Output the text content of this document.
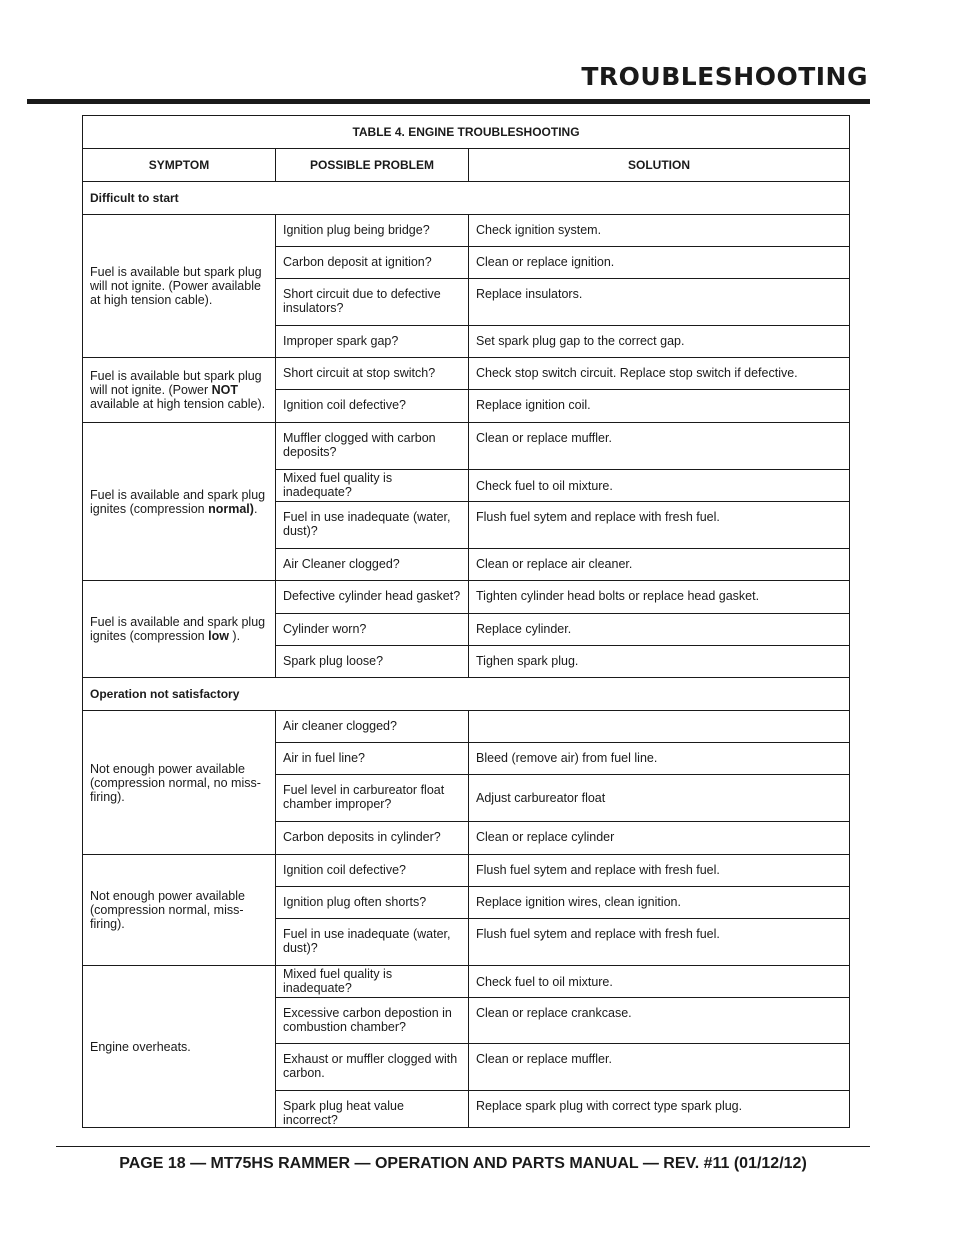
TROUBLESHOOTING
TABLE 4. ENGINE TROUBLESHOOTING		
SYMPTOM	POSSIBLE PROBLEM	SOLUTION
Difficult to start		
Fuel is available but spark plug will not ignite. (Power available at high tension cable).	Ignition plug being bridge?	Check ignition system.
	Carbon deposit at ignition?	Clean or replace ignition.
	Short circuit due to defective insulators?	Replace insulators.
	Improper spark gap?	Set spark plug gap to the correct gap.
Fuel is available but spark plug will not ignite. (Power NOT available at high tension cable).	Short circuit at stop switch?	Check stop switch circuit. Replace stop switch if defective.
	Ignition coil defective?	Replace ignition coil.
Fuel is available and spark plug ignites (compression normal).	Muffler clogged with carbon deposits?	Clean or replace muffler.
	Mixed fuel quality is inadequate?	Check fuel to oil mixture.
	Fuel in use inadequate (water, dust)?	Flush fuel sytem and replace with fresh fuel.
	Air Cleaner clogged?	Clean or replace air cleaner.
Fuel is available and spark plug ignites (compression low ).	Defective cylinder head gasket?	Tighten cylinder head bolts or replace head gasket.
	Cylinder worn?	Replace cylinder.
	Spark plug loose?	Tighen spark plug.
Operation not satisfactory		
Not enough power available (compression normal, no miss-firing).	Air cleaner clogged?	
	Air in fuel line?	Bleed (remove air) from fuel line.
	Fuel level in carbureator float chamber improper?	Adjust carbureator float
	Carbon deposits in cylinder?	Clean or replace cylinder
Not enough power available (compression normal, miss-firing).	Ignition coil defective?	Flush fuel sytem and replace with fresh fuel.
	Ignition plug often shorts?	Replace ignition wires, clean ignition.
	Fuel in use inadequate (water, dust)?	Flush fuel sytem and replace with fresh fuel.
Engine overheats.	Mixed fuel quality is inadequate?	Check fuel to oil mixture.
	Excessive carbon depostion in combustion chamber?	Clean or replace crankcase.
	Exhaust or muffler clogged with carbon.	Clean or replace muffler.
	Spark plug heat value incorrect?	Replace spark plug with correct type spark plug.
PAGE 18 — MT75HS RAMMER — OPERATION AND PARTS MANUAL — REV. #11 (01/12/12)
